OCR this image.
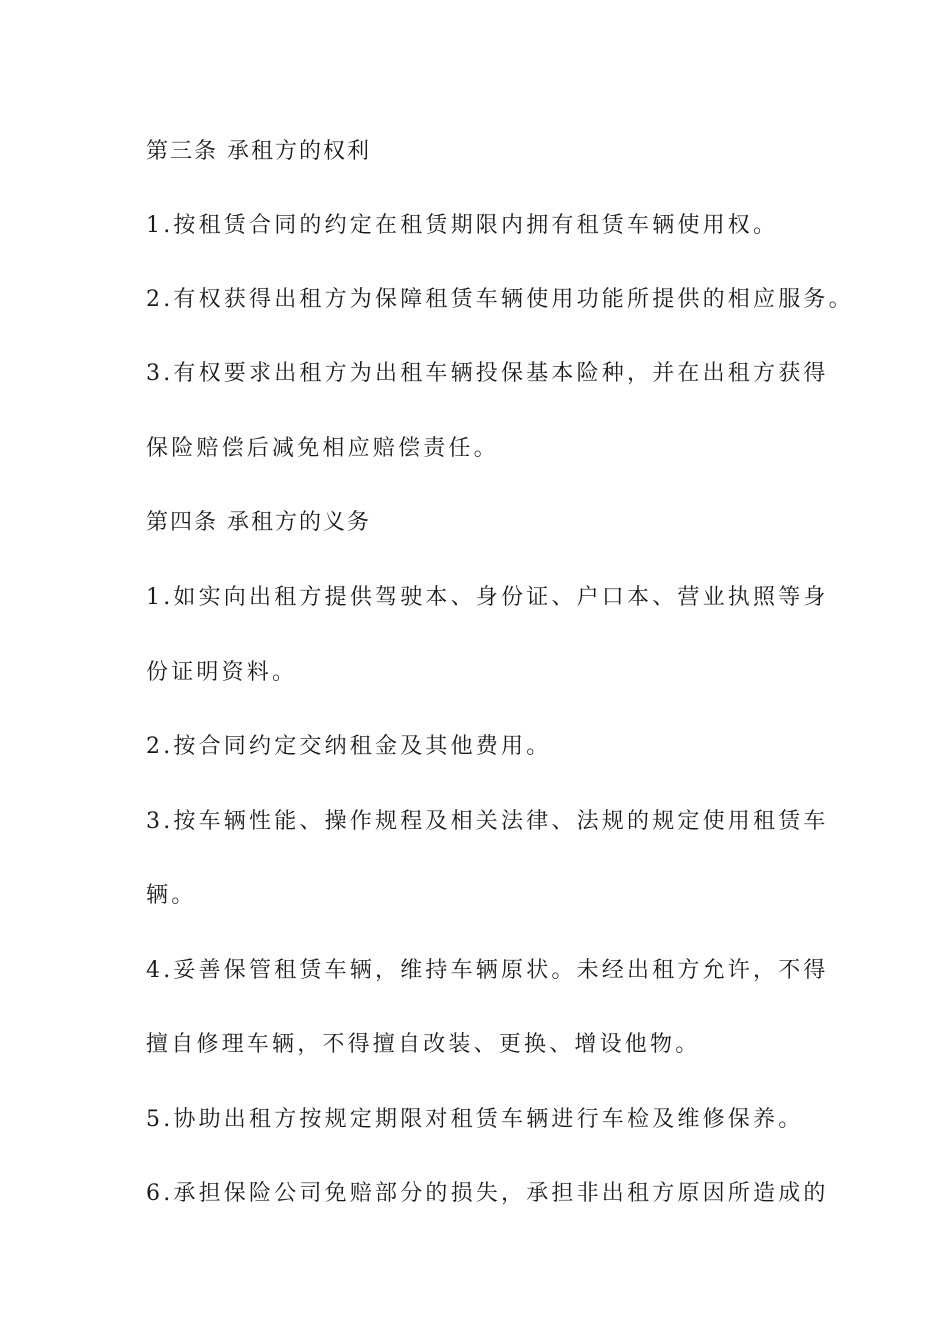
第三条 承租方的权利
1.按租赁合同的约定在租赁期限内拥有租赁车辆使用权。
2.有权获得出租方为保障租赁车辆使用功能所提供的相应服务。
3.有权要求出租方为出租车辆投保基本险种，并在出租方获得
保险赔偿后减免相应赔偿责任。
第四条 承租方的义务
1.如实向出租方提供驾驶本、身份证、户口本、营业执照等身
份证明资料。
2.按合同约定交纳租金及其他费用。
3.按车辆性能、操作规程及相关法律、法规的规定使用租赁车
辆。
4.妥善保管租赁车辆，维持车辆原状。未经出租方允许，不得
擅自修理车辆，不得擅自改装、更换、增设他物。
5.协助出租方按规定期限对租赁车辆进行车检及维修保养。
6.承担保险公司免赔部分的损失，承担非出租方原因所造成的
